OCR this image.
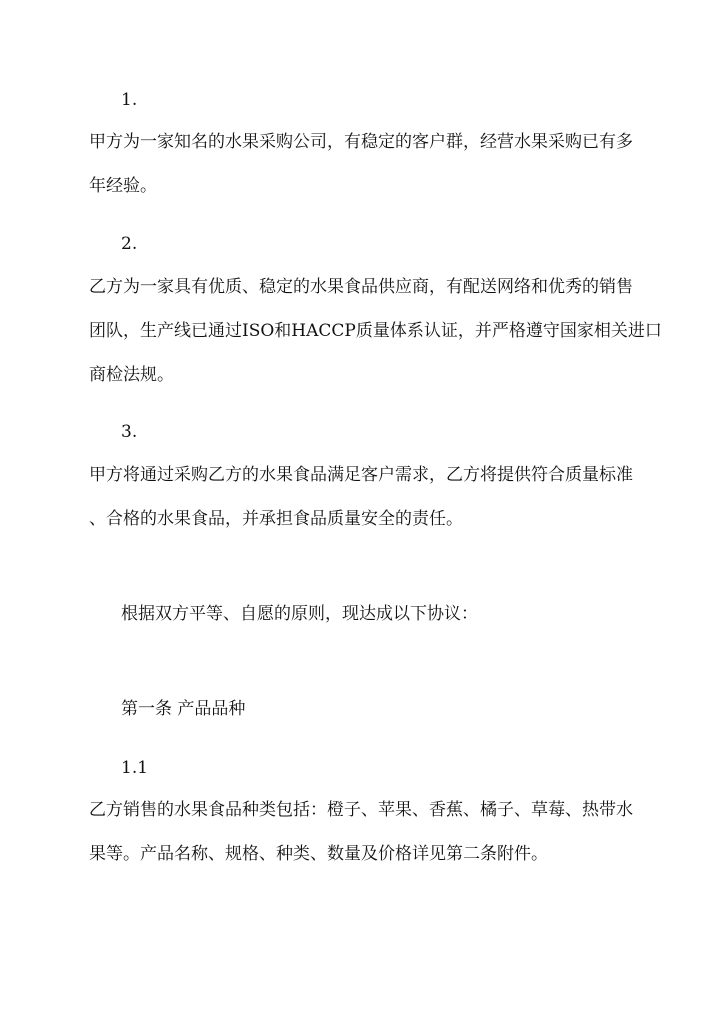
1.
甲方为一家知名的水果采购公司，有稳定的客户群，经营水果采购已有多
年经验。
2.
乙方为一家具有优质、稳定的水果食品供应商，有配送网络和优秀的销售
团队，生产线已通过ISO和HACCP质量体系认证，并严格遵守国家相关进口
商检法规。
3.
甲方将通过采购乙方的水果食品满足客户需求，乙方将提供符合质量标准
、合格的水果食品，并承担食品质量安全的责任。
根据双方平等、自愿的原则，现达成以下协议：
第一条 产品品种
1.1
乙方销售的水果食品种类包括：橙子、苹果、香蕉、橘子、草莓、热带水
果等。产品名称、规格、种类、数量及价格详见第二条附件。
